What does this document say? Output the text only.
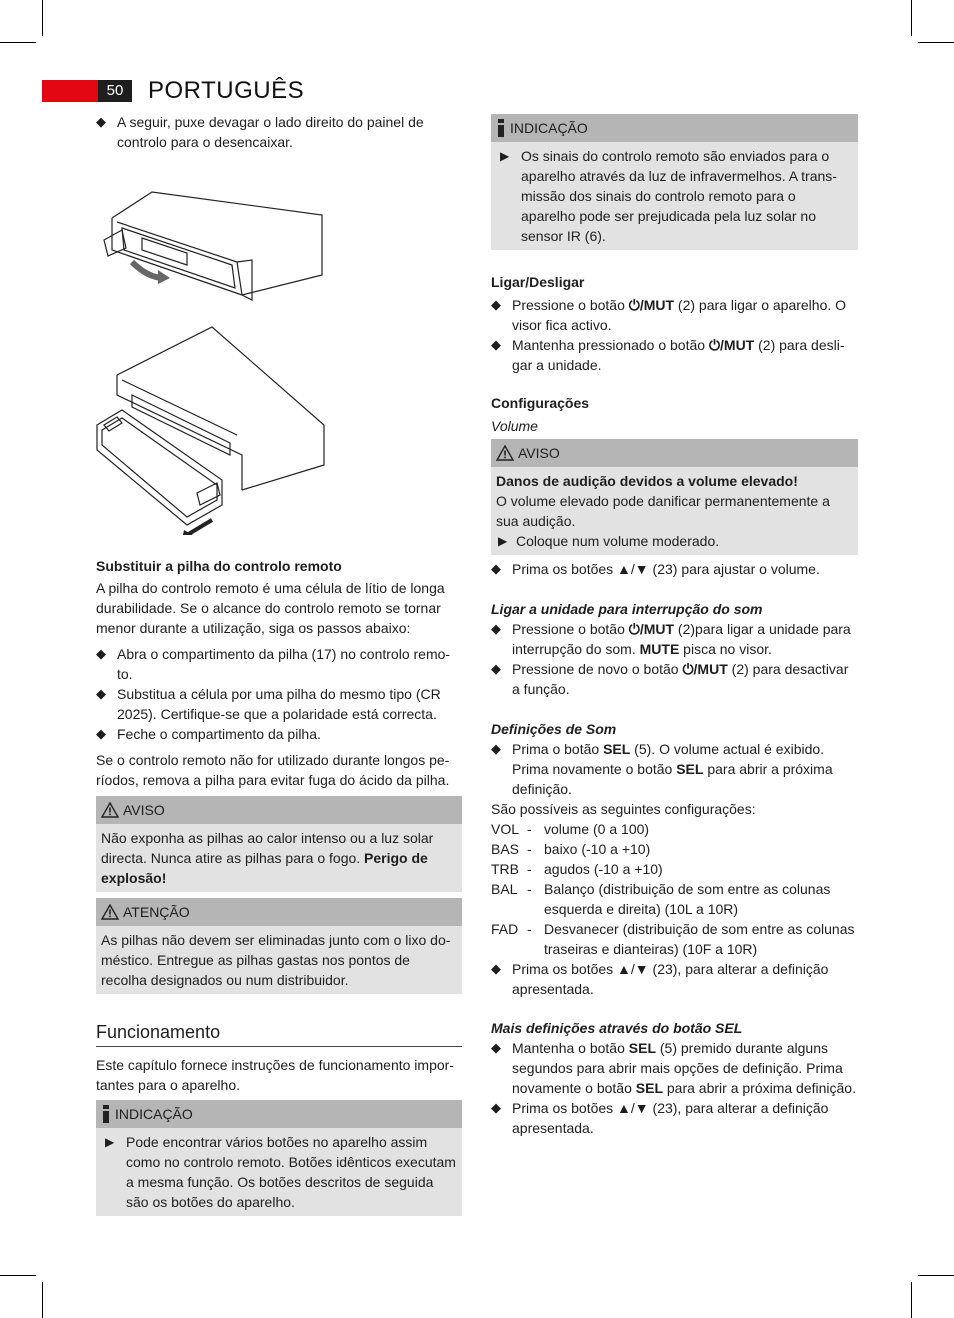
50	PORTUGUÊS
◆ A seguir, puxe devagar o lado direito do painel de controlo para o desencaixar.
Substituir a pilha do controlo remoto
A pilha do controlo remoto é uma célula de lítio de longa durabilidade. Se o alcance do controlo remoto se tornar menor durante a utilização, siga os passos abaixo:
◆ Abra o compartimento da pilha (17) no controlo remo- to.
◆ Substitua a célula por uma pilha do mesmo tipo (CR 2025). Certifique-se que a polaridade está correcta.
◆ Feche o compartimento da pilha.
Se o controlo remoto não for utilizado durante longos pe- ríodos, remova a pilha para evitar fuga do ácido da pilha.
AVISO
Não exponha as pilhas ao calor intenso ou a luz solar directa. Nunca atire as pilhas para o fogo. Perigo de explosão!
ATENÇÃO
As pilhas não devem ser eliminadas junto com o lixo do- méstico. Entregue as pilhas gastas nos pontos de recolha designados ou num distribuidor.
Funcionamento
Este capítulo fornece instruções de funcionamento impor- tantes para o aparelho.
INDICAÇÃO
▶ Pode encontrar vários botões no aparelho assim como no controlo remoto. Botões idênticos executam a mesma função. Os botões descritos de seguida são os botões do aparelho.
INDICAÇÃO
▶ Os sinais do controlo remoto são enviados para o aparelho através da luz de infravermelhos. A trans- missão dos sinais do controlo remoto para o aparelho pode ser prejudicada pela luz solar no sensor IR (6).
Ligar/Desligar
◆ Pressione o botão ⏻/MUT (2) para ligar o aparelho. O visor fica activo.
◆ Mantenha pressionado o botão ⏻/MUT (2) para desli- gar a unidade.
Configurações
Volume
AVISO
Danos de audição devidos a volume elevado!
O volume elevado pode danificar permanentemente a sua audição.
▶ Coloque num volume moderado.
◆ Prima os botões ▲/▼ (23) para ajustar o volume.
Ligar a unidade para interrupção do som
◆ Pressione o botão ⏻/MUT (2)para ligar a unidade para interrupção do som. MUTE pisca no visor.
◆ Pressione de novo o botão ⏻/MUT (2) para desactivar a função.
Definições de Som
◆ Prima o botão SEL (5). O volume actual é exibido. Prima novamente o botão SEL para abrir a próxima definição.
São possíveis as seguintes configurações:
VOL - volume (0 a 100)
BAS - baixo (-10 a +10)
TRB - agudos (-10 a +10)
BAL - Balanço (distribuição de som entre as colunas esquerda e direita) (10L a 10R)
FAD - Desvanecer (distribuição de som entre as colunas traseiras e dianteiras) (10F a 10R)
◆ Prima os botões ▲/▼ (23), para alterar a definição apresentada.
Mais definições através do botão SEL
◆ Mantenha o botão SEL (5) premido durante alguns segundos para abrir mais opções de definição. Prima novamente o botão SEL para abrir a próxima definição.
◆ Prima os botões ▲/▼ (23), para alterar a definição apresentada.
